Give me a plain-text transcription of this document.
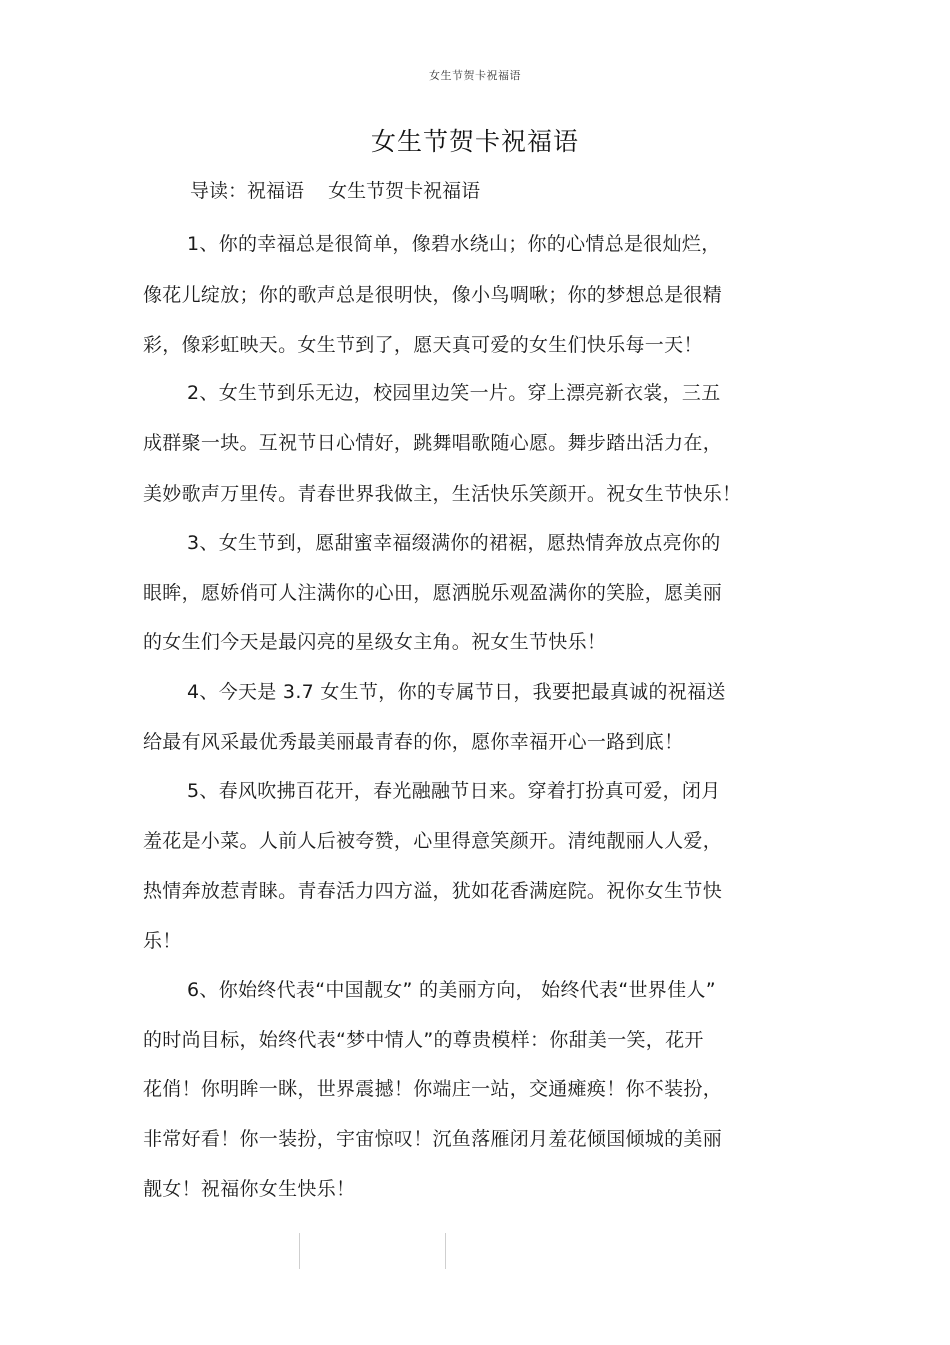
女生节贺卡祝福语
女生节贺卡祝福语
导读：祝福语    女生节贺卡祝福语
1、你的幸福总是很简单，像碧水绕山；你的心情总是很灿烂，
像花儿绽放；你的歌声总是很明快，像小鸟啁啾；你的梦想总是很精
彩，像彩虹映天。女生节到了，愿天真可爱的女生们快乐每一天！
2、女生节到乐无边，校园里边笑一片。穿上漂亮新衣裳，三五
成群聚一块。互祝节日心情好，跳舞唱歌随心愿。舞步踏出活力在，
美妙歌声万里传。青春世界我做主，生活快乐笑颜开。祝女生节快乐！
3、女生节到，愿甜蜜幸福缀满你的裙裾，愿热情奔放点亮你的
眼眸，愿娇俏可人注满你的心田，愿洒脱乐观盈满你的笑脸，愿美丽
的女生们今天是最闪亮的星级女主角。祝女生节快乐！
4、今天是 3.7 女生节，你的专属节日，我要把最真诚的祝福送
给最有风采最优秀最美丽最青春的你，愿你幸福开心一路到底！
5、春风吹拂百花开，春光融融节日来。穿着打扮真可爱，闭月
羞花是小菜。人前人后被夸赞，心里得意笑颜开。清纯靓丽人人爱，
热情奔放惹青睐。青春活力四方溢，犹如花香满庭院。祝你女生节快
乐！
6、你始终代表“中国靓女” 的美丽方向， 始终代表“世界佳人”
的时尚目标，始终代表“梦中情人”的尊贵模样：你甜美一笑，花开
花俏！你明眸一眯，世界震撼！你端庄一站，交通瘫痪！你不装扮，
非常好看！你一装扮，宇宙惊叹！沉鱼落雁闭月羞花倾国倾城的美丽
靓女！祝福你女生快乐！
